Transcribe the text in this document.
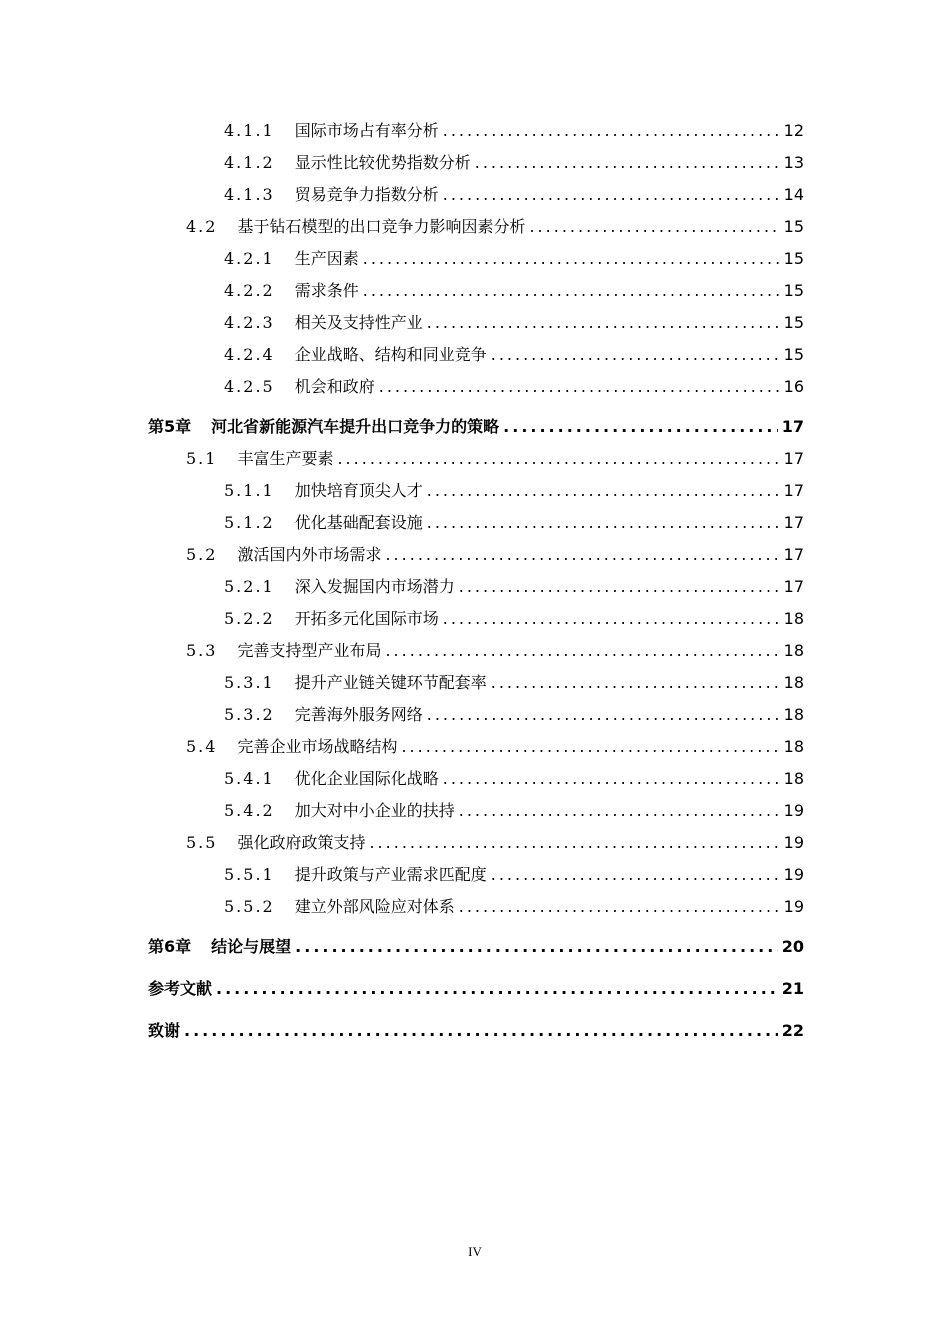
4.1.1 国际市场占有率分析 .....	12
4.1.2 显示性比较优势指数分析 .....	13
4.1.3 贸易竞争力指数分析 .....	14
4.2 基于钻石模型的出口竞争力影响因素分析 .....	15
4.2.1 生产因素 .....	15
4.2.2 需求条件 .....	15
4.2.3 相关及支持性产业 .....	15
4.2.4 企业战略、结构和同业竞争 .....	15
4.2.5 机会和政府 .....	16
第5章 河北省新能源汽车提升出口竞争力的策略 .....	17
5.1 丰富生产要素 .....	17
5.1.1 加快培育顶尖人才 .....	17
5.1.2 优化基础配套设施 .....	17
5.2 激活国内外市场需求 .....	17
5.2.1 深入发掘国内市场潜力 .....	17
5.2.2 开拓多元化国际市场 .....	18
5.3 完善支持型产业布局 .....	18
5.3.1 提升产业链关键环节配套率 .....	18
5.3.2 完善海外服务网络 .....	18
5.4 完善企业市场战略结构 .....	18
5.4.1 优化企业国际化战略 .....	18
5.4.2 加大对中小企业的扶持 .....	19
5.5 强化政府政策支持 .....	19
5.5.1 提升政策与产业需求匹配度 .....	19
5.5.2 建立外部风险应对体系 .....	19
第6章 结论与展望 .....	20
参考文献 .....	21
致谢 .....	22
IV
